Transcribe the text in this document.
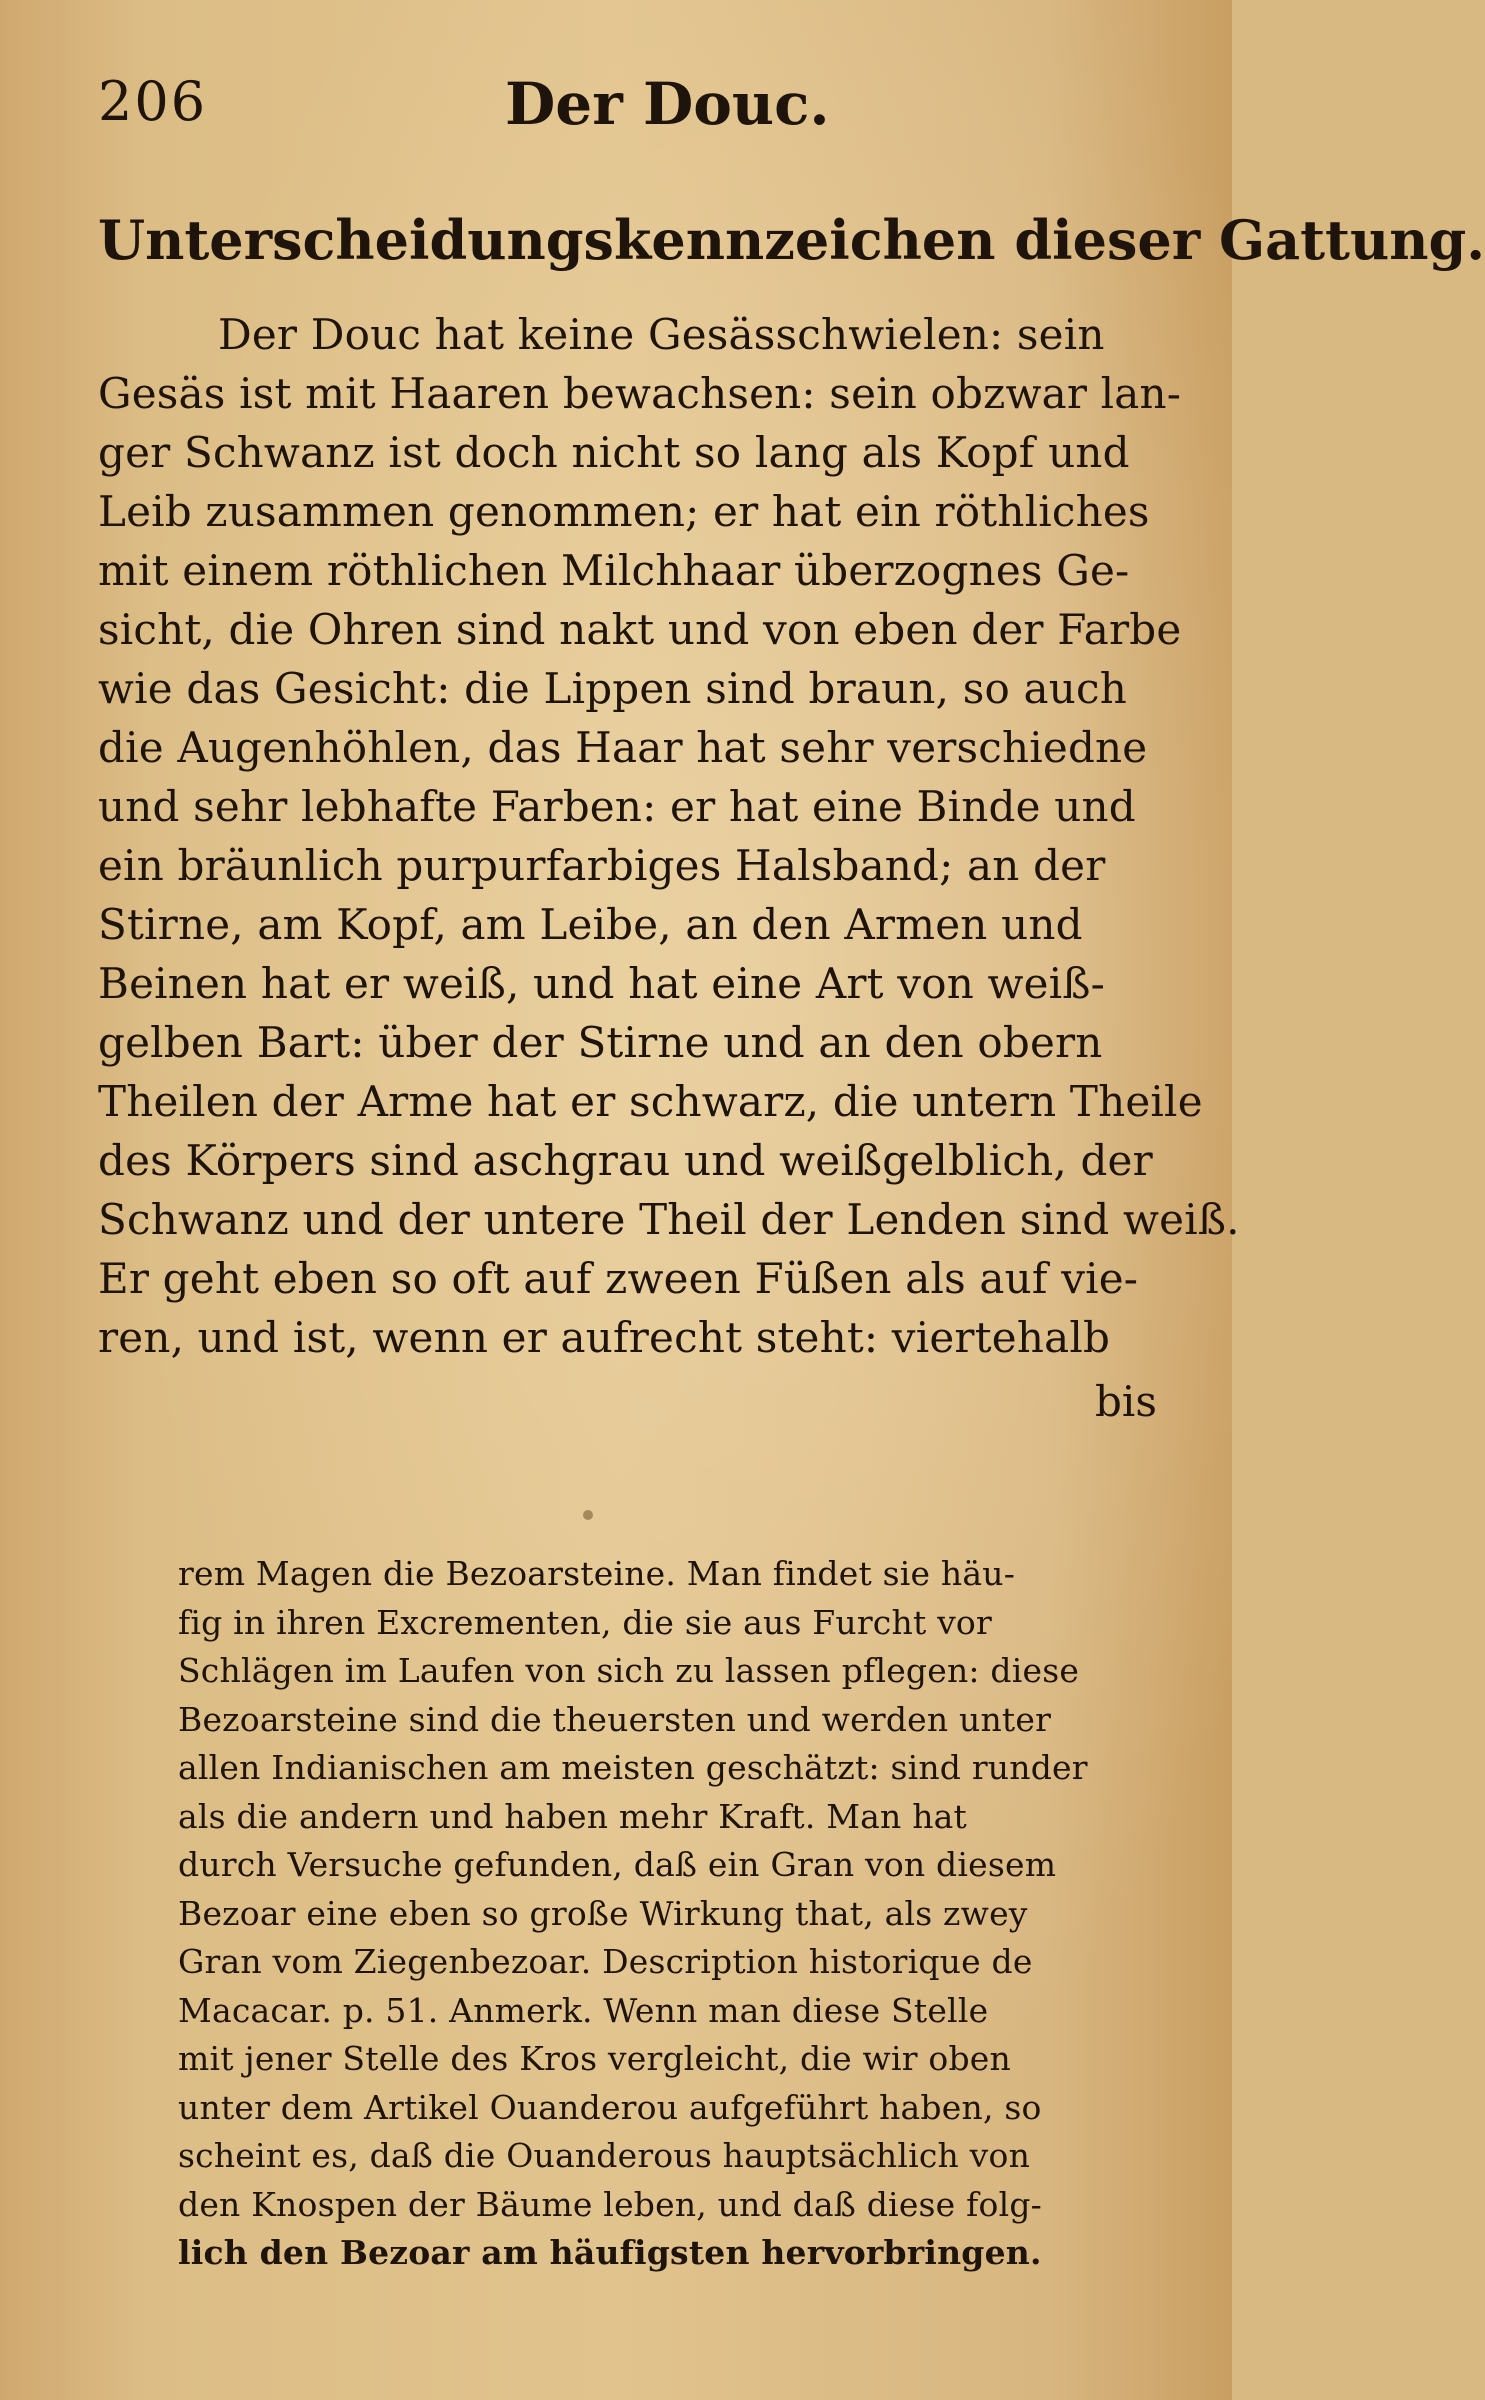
206	Der Douc.
Unterscheidungskennzeichen dieser Gattung.
Der Douc hat keine Gesässchwielen: sein
Gesäs ist mit Haaren bewachsen: sein obzwar lan-
ger Schwanz ist doch nicht so lang als Kopf und
Leib zusammen genommen; er hat ein röthliches
mit einem röthlichen Milchhaar überzognes Ge-
sicht, die Ohren sind nakt und von eben der Farbe
wie das Gesicht: die Lippen sind braun, so auch
die Augenhöhlen, das Haar hat sehr verschiedne
und sehr lebhafte Farben: er hat eine Binde und
ein bräunlich purpurfarbiges Halsband; an der
Stirne, am Kopf, am Leibe, an den Armen und
Beinen hat er weiß, und hat eine Art von weiß-
gelben Bart: über der Stirne und an den obern
Theilen der Arme hat er schwarz, die untern Theile
des Körpers sind aschgrau und weißgelblich, der
Schwanz und der untere Theil der Lenden sind weiß.
Er geht eben so oft auf zween Füßen als auf vie-
ren, und ist, wenn er aufrecht steht: viertehalb
bis
rem Magen die Bezoarsteine. Man findet sie häu-
fig in ihren Excrementen, die sie aus Furcht vor
Schlägen im Laufen von sich zu lassen pflegen: diese
Bezoarsteine sind die theuersten und werden unter
allen Indianischen am meisten geschätzt: sind runder
als die andern und haben mehr Kraft. Man hat
durch Versuche gefunden, daß ein Gran von diesem
Bezoar eine eben so große Wirkung that, als zwey
Gran vom Ziegenbezoar. Description historique de
Macacar. p. 51. Anmerk. Wenn man diese Stelle
mit jener Stelle des Kros vergleicht, die wir oben
unter dem Artikel Ouanderou aufgeführt haben, so
scheint es, daß die Ouanderous hauptsächlich von
den Knospen der Bäume leben, und daß diese folg-
lich den Bezoar am häufigsten hervorbringen.
